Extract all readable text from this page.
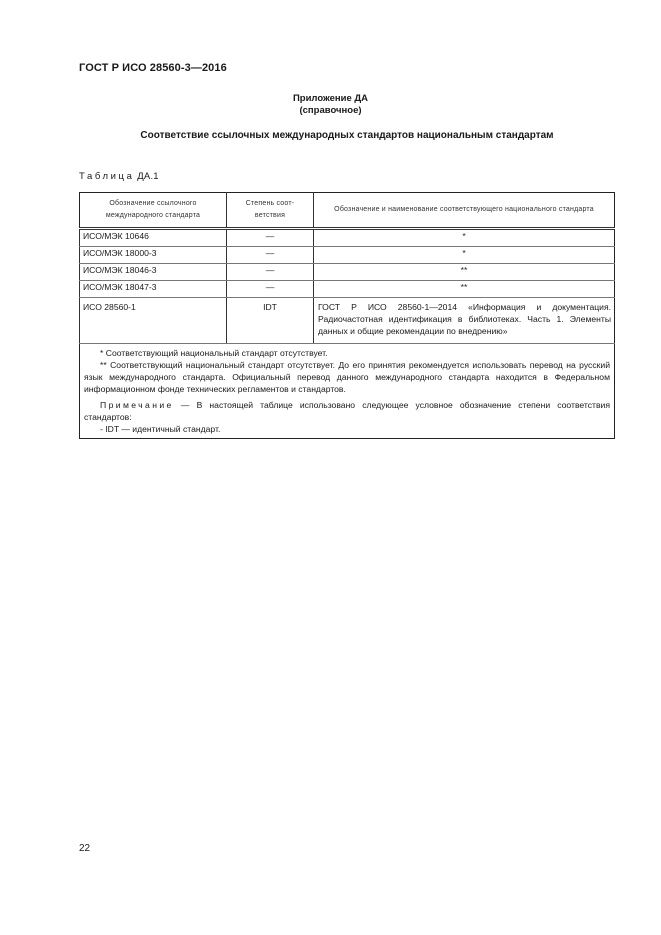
ГОСТ Р ИСО 28560-3—2016
Приложение ДА
(справочное)
Соответствие ссылочных международных стандартов национальным стандартам
Таблица ДА.1
Обозначение ссылочного международного стандарта	Степень соот-ветствия	Обозначение и наименование соответствующего национального стандарта

ИСО/МЭК 10646	—	*
ИСО/МЭК 18000-3	—	*
ИСО/МЭК 18046-3	—	**
ИСО/МЭК 18047-3	—	**
ИСО 28560-1	IDT	ГОСТ Р ИСО 28560-1—2014 «Информация и документация. Радиочастотная идентификация в библиотеках. Часть 1. Элементы данных и общие рекомендации по внедрению»

* Соответствующий национальный стандарт отсутствует.

** Соответствующий национальный стандарт отсутствует. До его принятия рекомендуется использовать перевод на русский язык международного стандарта. Официальный перевод данного международного стандарта находится в Федеральном информационном фонде технических регламентов и стандартов.

Примечание — В настоящей таблице использовано следующее условное обозначение степени соответствия стандартов:

- IDT — идентичный стандарт.		

22
